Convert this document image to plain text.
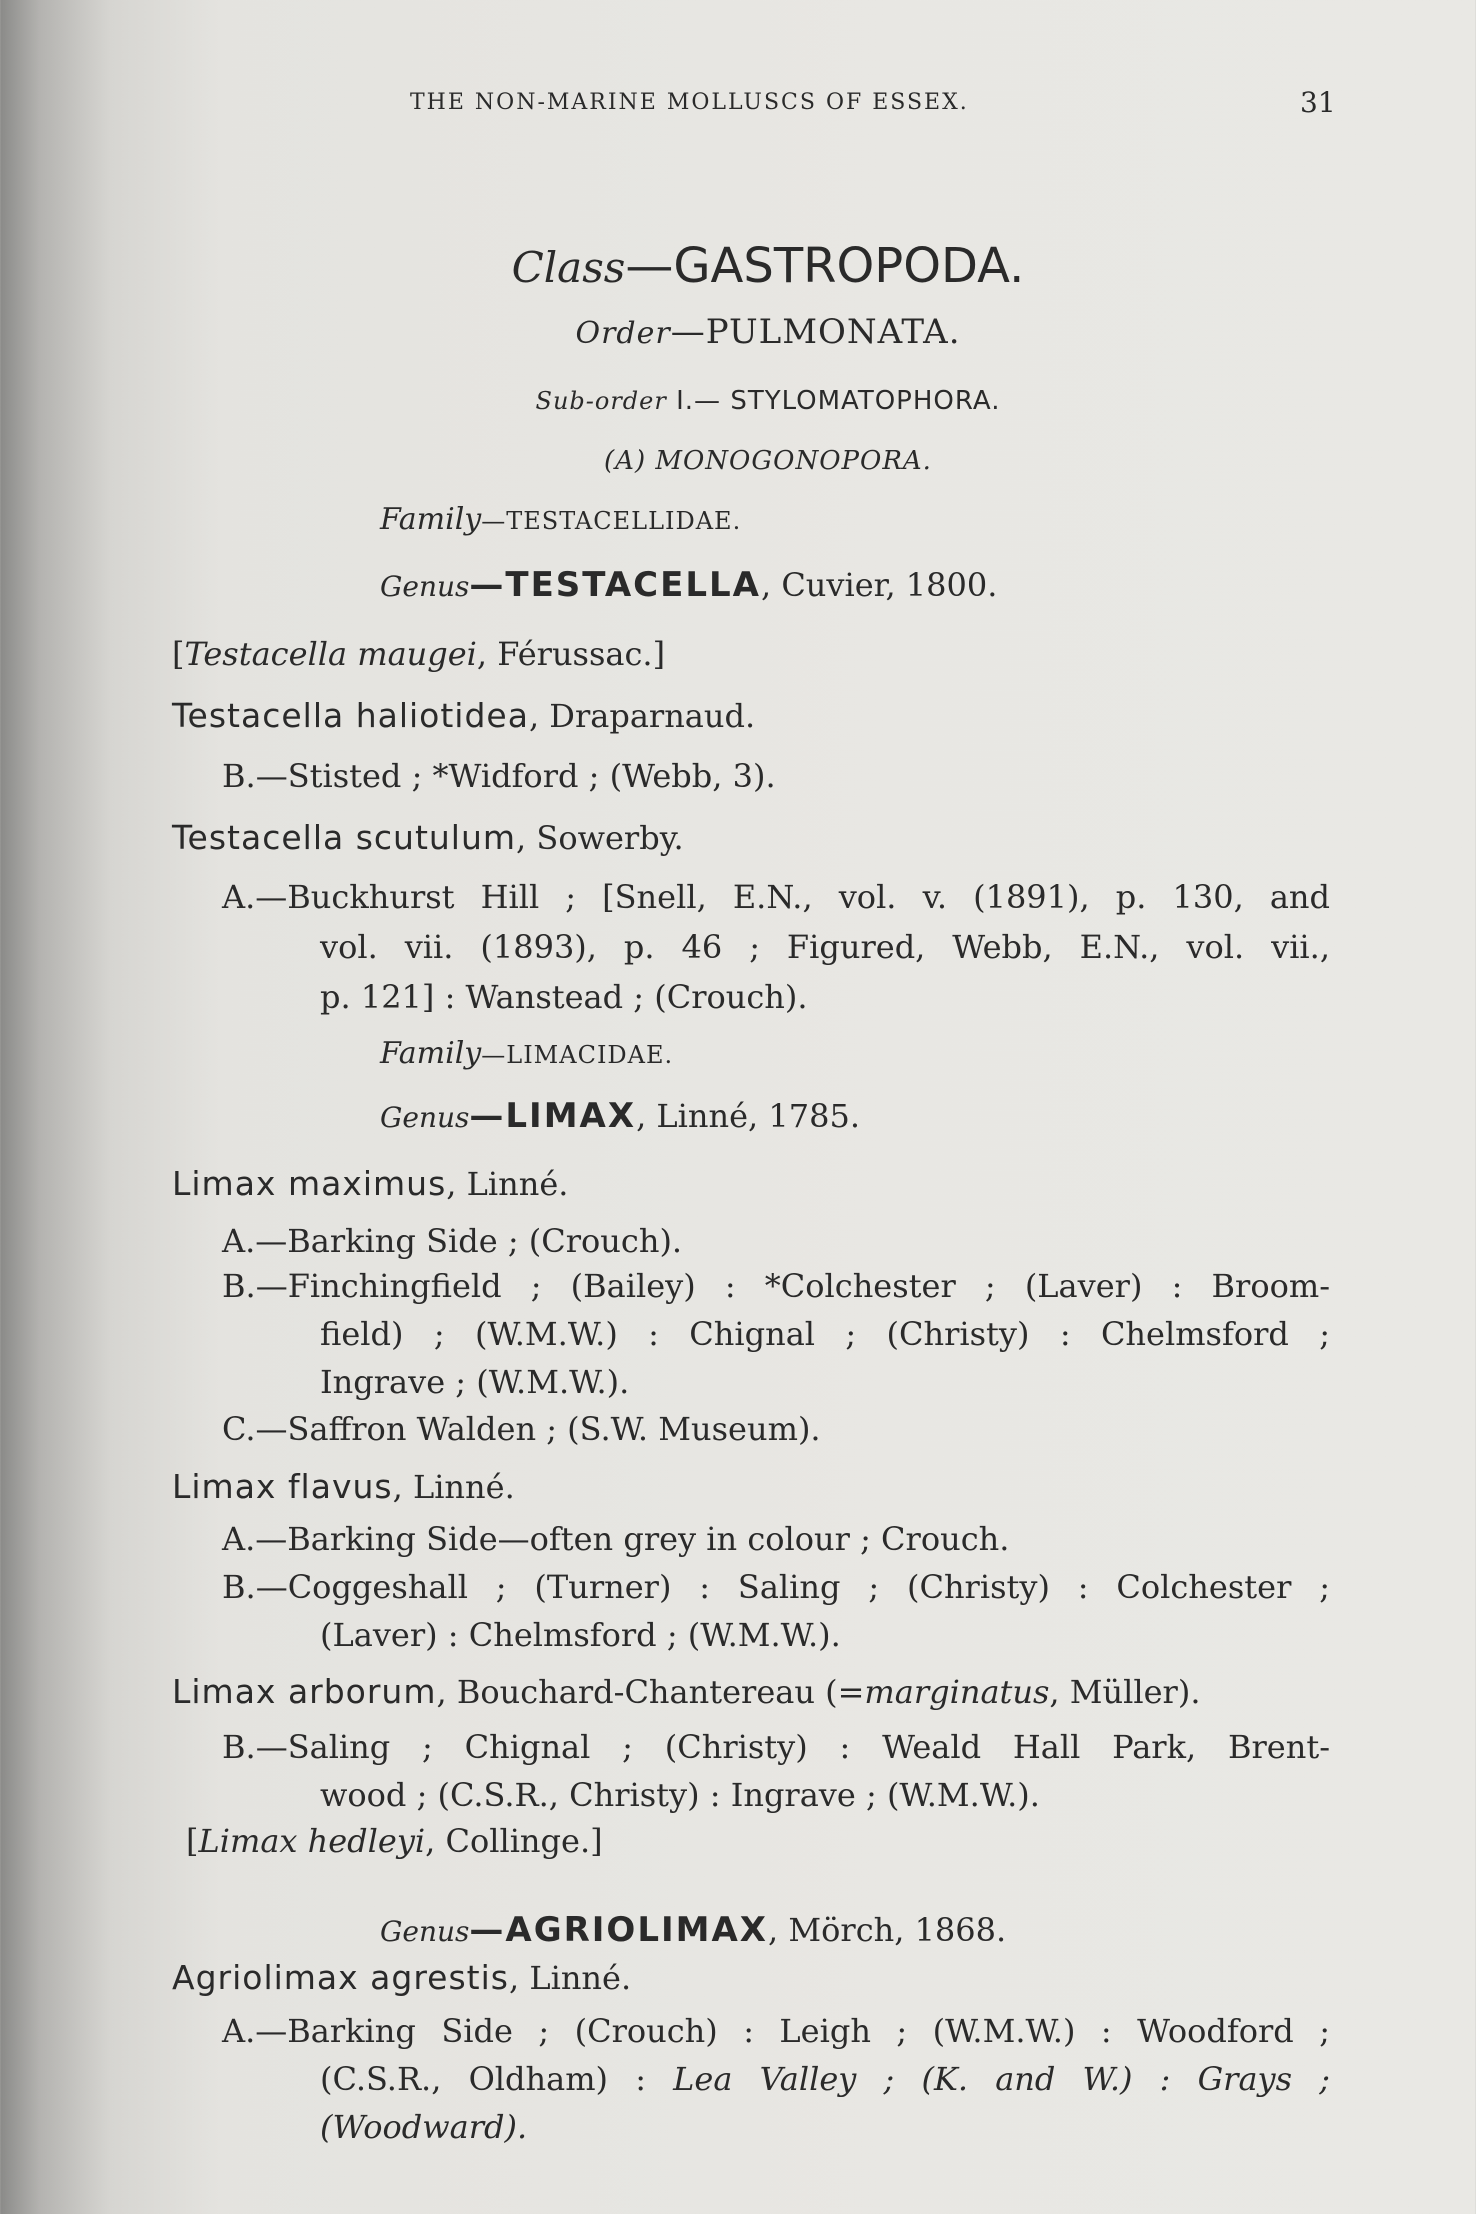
THE NON-MARINE MOLLUSCS OF ESSEX.	31
Class—GASTROPODA.
Order—PULMONATA.
Sub-order I.— STYLOMATOPHORA.
(A) MONOGONOPORA.
Family—TESTACELLIDAE.
Genus—TESTACELLA, Cuvier, 1800.
[Testacella maugei, Férussac.]
Testacella haliotidea, Draparnaud.
B.—Stisted ; *Widford ; (Webb, 3).
Testacella scutulum, Sowerby.
A.—Buckhurst Hill ; [Snell, E.N., vol. v. (1891), p. 130, and
vol. vii. (1893), p. 46 ; Figured, Webb, E.N., vol. vii.,
p. 121] : Wanstead ; (Crouch).
Family—LIMACIDAE.
Genus—LIMAX, Linné, 1785.
Limax maximus, Linné.
A.—Barking Side ; (Crouch).
B.—Finchingfield ; (Bailey) : *Colchester ; (Laver) : Broom-
field) ; (W.M.W.) : Chignal ; (Christy) : Chelmsford ;
Ingrave ; (W.M.W.).
C.—Saffron Walden ; (S.W. Museum).
Limax flavus, Linné.
A.—Barking Side—often grey in colour ; Crouch.
B.—Coggeshall ; (Turner) : Saling ; (Christy) : Colchester ;
(Laver) : Chelmsford ; (W.M.W.).
Limax arborum, Bouchard-Chantereau (=marginatus, Müller).
B.—Saling ; Chignal ; (Christy) : Weald Hall Park, Brent-
wood ; (C.S.R., Christy) : Ingrave ; (W.M.W.).
[Limax hedleyi, Collinge.]
Genus—AGRIOLIMAX, Mörch, 1868.
Agriolimax agrestis, Linné.
A.—Barking Side ; (Crouch) : Leigh ; (W.M.W.) : Woodford ;
(C.S.R., Oldham) : Lea Valley ; (K. and W.) : Grays ;
(Woodward).
